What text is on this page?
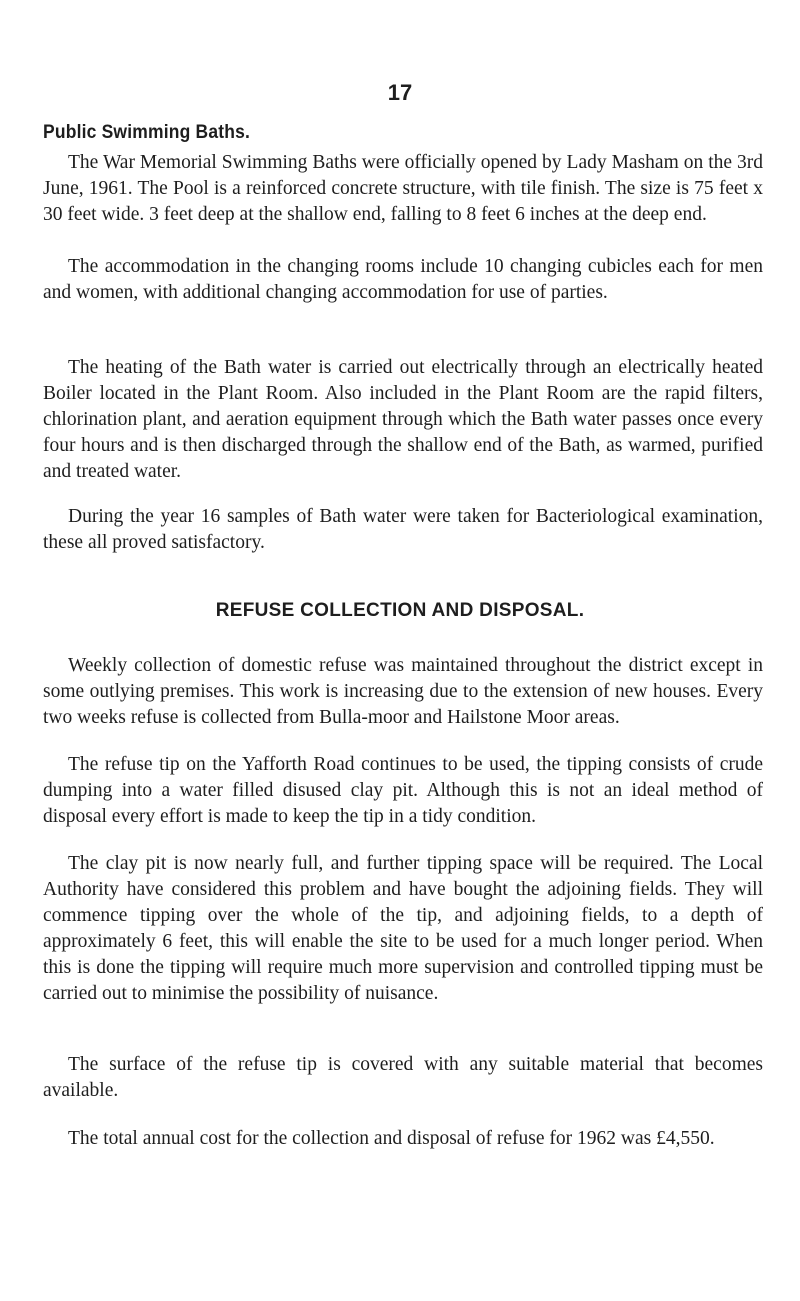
17
Public Swimming Baths.

The War Memorial Swimming Baths were officially opened by Lady Masham on the 3rd June, 1961. The Pool is a reinforced concrete structure, with tile finish. The size is 75 feet x 30 feet wide. 3 feet deep at the shallow end, falling to 8 feet 6 inches at the deep end.

The accommodation in the changing rooms include 10 changing cubicles each for men and women, with additional changing accommodation for use of parties.

The heating of the Bath water is carried out electrically through an electrically heated Boiler located in the Plant Room. Also included in the Plant Room are the rapid filters, chlorination plant, and aeration equipment through which the Bath water passes once every four hours and is then discharged through the shallow end of the Bath, as warmed, purified and treated water.

During the year 16 samples of Bath water were taken for Bacteriological examination, these all proved satisfactory.

REFUSE COLLECTION AND DISPOSAL.

Weekly collection of domestic refuse was maintained throughout the district except in some outlying premises. This work is increasing due to the extension of new houses. Every two weeks refuse is collected from Bulla-moor and Hailstone Moor areas.

The refuse tip on the Yafforth Road continues to be used, the tipping consists of crude dumping into a water filled disused clay pit. Although this is not an ideal method of disposal every effort is made to keep the tip in a tidy condition.

The clay pit is now nearly full, and further tipping space will be required. The Local Authority have considered this problem and have bought the adjoining fields. They will commence tipping over the whole of the tip, and adjoining fields, to a depth of approximately 6 feet, this will enable the site to be used for a much longer period. When this is done the tipping will require much more supervision and controlled tipping must be carried out to minimise the possibility of nuisance.

The surface of the refuse tip is covered with any suitable material that becomes available.

The total annual cost for the collection and disposal of refuse for 1962 was £4,550.
